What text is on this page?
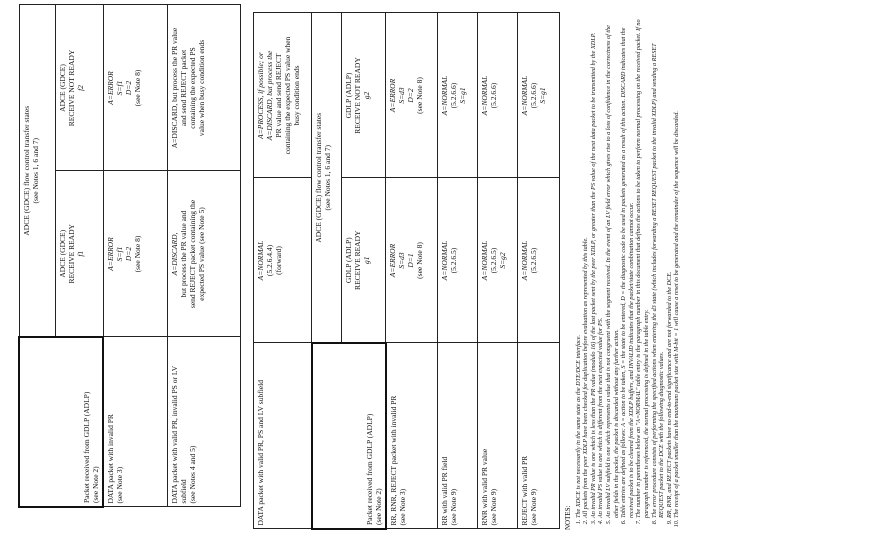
Packet received from GDLP (ADLP) (see Note 2)	ADCE (GDCE) flow control transfer states (see Notes 1, 6 and 7)	

	ADCE (GDCE) RECEIVE READY f1	ADCE (GDCE) RECEIVE NOT READY f2

DATA packet with invalid PR (see Note 3)	A=ERROR S=f1 D=2 (see Note 8)	A=ERROR S=f1 D=2 (see Note 8)

DATA packet with valid PR, invalid PS or LV subfield (see Notes 4 and 5)	A=DISCARD, but process the PR value and send REJECT packet containing the expected PS value (see Note 5)	A=DISCARD, but process the PR value and send REJECT packet containing the expected PS value when busy condition ends
DATA packet with valid PR, PS and LV subfield	A=NORMAL (5.2.6.4.4) (forward)	A=PROCESS, if possible; or A=DISCARD, but process the PR value and send REJECT containing the expected PS value when busy condition ends

Packet received from GDLP (ADLP) (see Note 2)	ADCE (GDCE) flow control transfer states (see Notes 1, 6 and 7)	

	GDLP (ADLP) RECEIVE READY g1	GDLP (ADLP) RECEIVE NOT READY g2

RR, RNR, REJECT packet with invalid PR (see Note 3)	A=ERROR S=d3 D=1 (see Note 8)	A=ERROR S=d3 D=2 (see Note 8)

RR with valid PR field (see Note 9)	A=NORMAL (5.2.6.5)	A=NORMAL (5.2.6.6) S=g1

RNR with valid PR value (see Note 9)	A=NORMAL (5.2.6.5) S=g2	A=NORMAL (5.2.6.6)

REJECT with valid PR (see Note 9)	A=NORMAL (5.2.6.5)	A=NORMAL (5.2.6.6) S=g1
NOTES: 1. The XDCE is not necessarily in the same state as the DTE/DCE interface. 2. All packets from the peer XDLP have been checked for duplication before evaluation as represented by this table. 3. An invalid PR value is one which is less than the PR value (modulo 16) of the last packet sent by the peer XDLP, or greater than the PS value of the next data packet to be transmitted by the XDLP. 4. An invalid PS value is one which is different from the next expected value for PS. 5. An invalid LV subfield is one which represents a value that is not congruent with the segment received. In the event of an LV field error which gives rise to a loss of confidence in the correctness of the other fields in the packet, the packet is discarded without any further action. 6. Table entries are defined as follows: A = action to be taken, S = the state to be entered, D = the diagnostic code to be used in packets generated as a result of this action. DISCARD indicates that the received packet is to be cleared from the XDLP buffers, and INVALID indicates that the packet/state combination cannot occur. 7. The number in parentheses below an "A=NORMAL" table entry is the paragraph number in this document that defines the actions to be taken to perform normal processing on the received packet. If no paragraph number is referenced, the normal processing is defined in the table entry. 8. The error procedure consists of performing the specified actions when entering the d3 state (which includes forwarding a RESET REQUEST packet to the invalid XDLP) and sending a RESET REQUEST packet to the DCE with the following diagnostic values. 9. RR, RNR, and REJECT packets have no end-to-end significance and are not forwarded to the DCE. 10. The receipt of a packet smaller than the maximum packet size with M-bit = 1 will cause a reset to be generated and the remainder of the sequence will be discarded.
